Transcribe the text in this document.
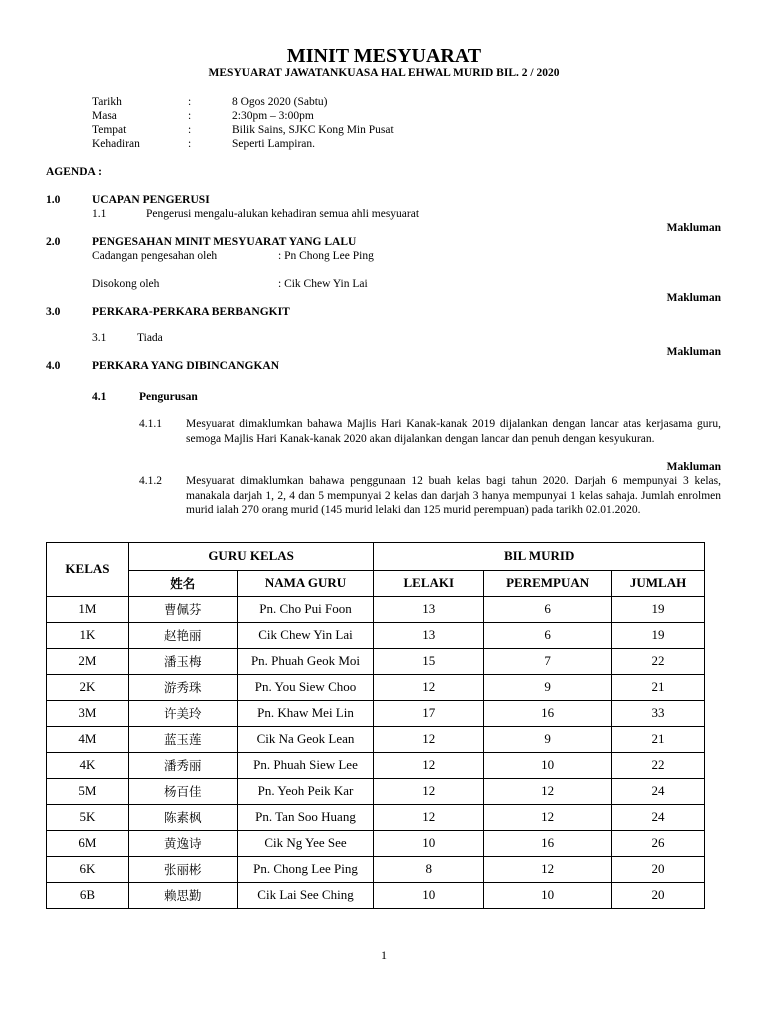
MINIT MESYUARAT
MESYUARAT JAWATANKUASA HAL EHWAL MURID BIL. 2 / 2020
Tarikh	:	8 Ogos 2020 (Sabtu)
Masa	:	2:30pm – 3:00pm
Tempat	:	Bilik Sains, SJKC Kong Min Pusat
Kehadiran	:	Seperti Lampiran.
AGENDA :
1.0	UCAPAN PENGERUSI
1.1	Pengerusi mengalu-alukan kehadiran semua ahli mesyuarat
Makluman
2.0	PENGESAHAN MINIT MESYUARAT YANG LALU
Cadangan pengesahan oleh	: Pn Chong Lee Ping
Disokong oleh	: Cik Chew Yin Lai
Makluman
3.0	PERKARA-PERKARA BERBANGKIT
3.1	Tiada
Makluman
4.0	PERKARA YANG DIBINCANGKAN
4.1	Pengurusan
4.1.1 Mesyuarat dimaklumkan bahawa Majlis Hari Kanak-kanak 2019 dijalankan dengan lancar atas kerjasama guru, semoga Majlis Hari Kanak-kanak 2020 akan dijalankan dengan lancar dan penuh dengan kesyukuran.
Makluman
4.1.2 Mesyuarat dimaklumkan bahawa penggunaan 12 buah kelas bagi tahun 2020. Darjah 6 mempunyai 3 kelas, manakala darjah 1, 2, 4 dan 5 mempunyai 2 kelas dan darjah 3 hanya mempunyai 1 kelas sahaja. Jumlah enrolmen murid ialah 270 orang murid (145 murid lelaki dan 125 murid perempuan) pada tarikh 02.01.2020.
KELAS	GURU KELAS		BIL MURID		
	姓名	NAMA GURU	LELAKI	PEREMPUAN	JUMLAH
1M	曹佩芬	Pn. Cho Pui Foon	13	6	19
1K	赵艳丽	Cik Chew Yin Lai	13	6	19
2M	潘玉梅	Pn. Phuah Geok Moi	15	7	22
2K	游秀珠	Pn. You Siew Choo	12	9	21
3M	许美玲	Pn. Khaw Mei Lin	17	16	33
4M	蓝玉莲	Cik Na Geok Lean	12	9	21
4K	潘秀丽	Pn. Phuah Siew Lee	12	10	22
5M	杨百佳	Pn. Yeoh Peik Kar	12	12	24
5K	陈素枫	Pn. Tan Soo Huang	12	12	24
6M	黄逸诗	Cik Ng Yee See	10	16	26
6K	张丽彬	Pn. Chong Lee Ping	8	12	20
6B	赖思勤	Cik Lai See Ching	10	10	20
1
